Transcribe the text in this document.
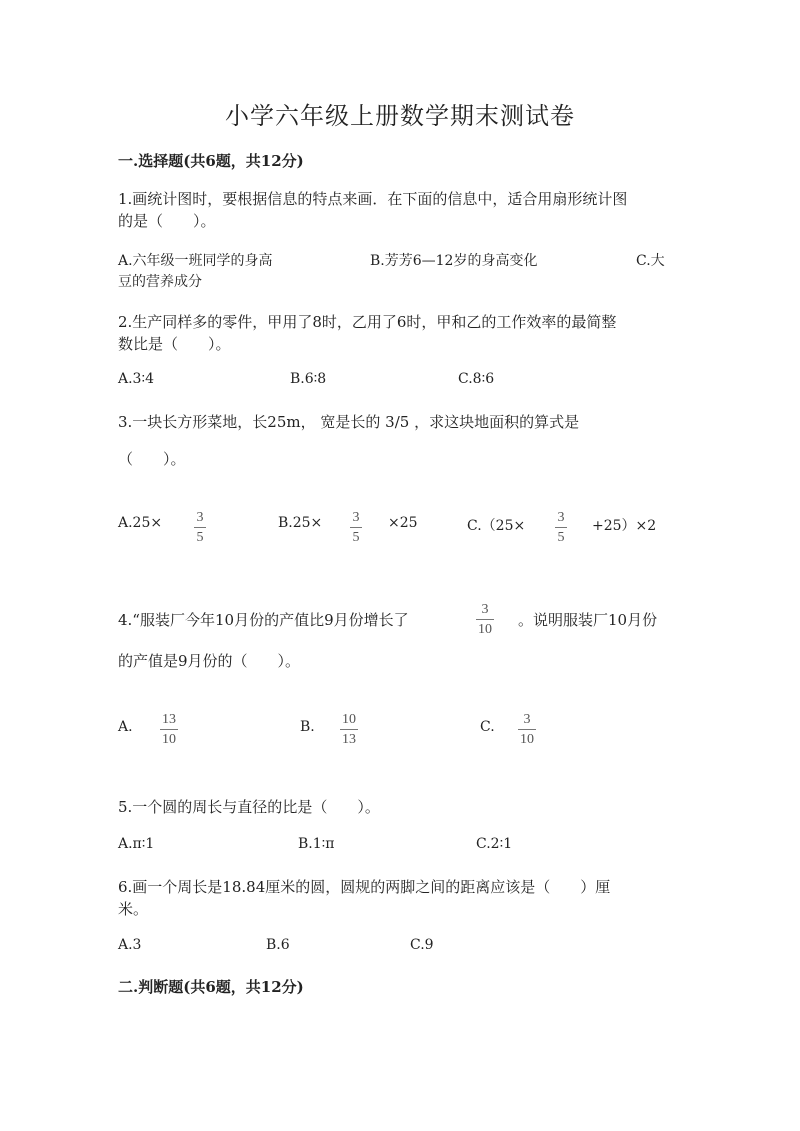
小学六年级上册数学期末测试卷
一.选择题(共6题，共12分)
1.画统计图时，要根据信息的特点来画．在下面的信息中，适合用扇形统计图
的是（　　）。
A.六年级一班同学的身高	B.芳芳6—12岁的身高变化	C.大
豆的营养成分
2.生产同样多的零件，甲用了8时，乙用了6时，甲和乙的工作效率的最简整
数比是（　　）。
A.3∶4	B.6∶8	C.8∶6
3.一块长方形菜地，长25m， 宽是长的 3/5 ，求这块地面积的算式是
（　　）。
A.25× 3
5
B.25× 3
5
×25	C.（25×
3
5
+25）×2
4.“服装厂今年10月份的产值比9月份增长了
3
10
。说明服装厂10月份
的产值是9月份的（　　）。
A. 13
10
B. 10
13
C. 3
10
5.一个圆的周长与直径的比是（　　）。
A.π∶1	B.1∶π	C.2∶1
6.画一个周长是18.84厘米的圆，圆规的两脚之间的距离应该是（　　）厘
米。
A.3	B.6	C.9
二.判断题(共6题，共12分)
